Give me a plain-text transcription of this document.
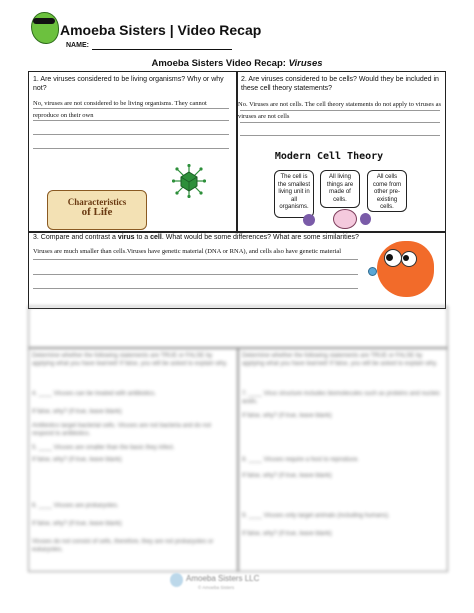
Amoeba Sisters | Video Recap
NAME:
Amoeba Sisters Video Recap: Viruses
1. Are viruses considered to be living organisms? Why or why not?
No, viruses are not considered to be living organisms. They cannot reproduce on their own
Characteristics
of Life
2. Are viruses considered to be cells? Would they be included in these cell theory statements?
No. Viruses are not cells. The cell theory statements do not apply to viruses as
viruses are not cells
Modern Cell Theory
The cell is the smallest living unit in all organisms.
All living things are made of cells.
All cells come from other pre-existing cells.
3. Compare and contrast a virus to a cell. What would be some differences? What are some similarities?
Viruses are much smaller than cells.Viruses have genetic material (DNA or RNA), and cells also have genetic material
Determine whether the following statements are TRUE or FALSE by applying what you have learned! If false, you will be asked to explain why.
Determine whether the following statements are TRUE or FALSE by applying what you have learned! If false, you will be asked to explain why.
4. ____ Viruses can be treated with antibiotics.
If false, why? (If true, leave blank)
Antibiotics target bacterial cells. Viruses are not bacteria and do not respond to antibiotics.
5. ____ Viruses are smaller than the basic they infect.
If false, why? (If true, leave blank)
6. ____ Viruses are prokaryotes.
If false, why? (If true, leave blank)
Viruses do not consist of cells, therefore, they are not prokaryotes or eukaryotes.
7. ____ Virus structure includes biomolecules such as proteins and nucleic acids.
If false, why? (If true, leave blank)
8. ____ Viruses require a host to reproduce.
If false, why? (If true, leave blank)
9. ____ Viruses only target animals (including humans).
If false, why? (If true, leave blank)
Amoeba Sisters LLC
© Amoeba Sisters
